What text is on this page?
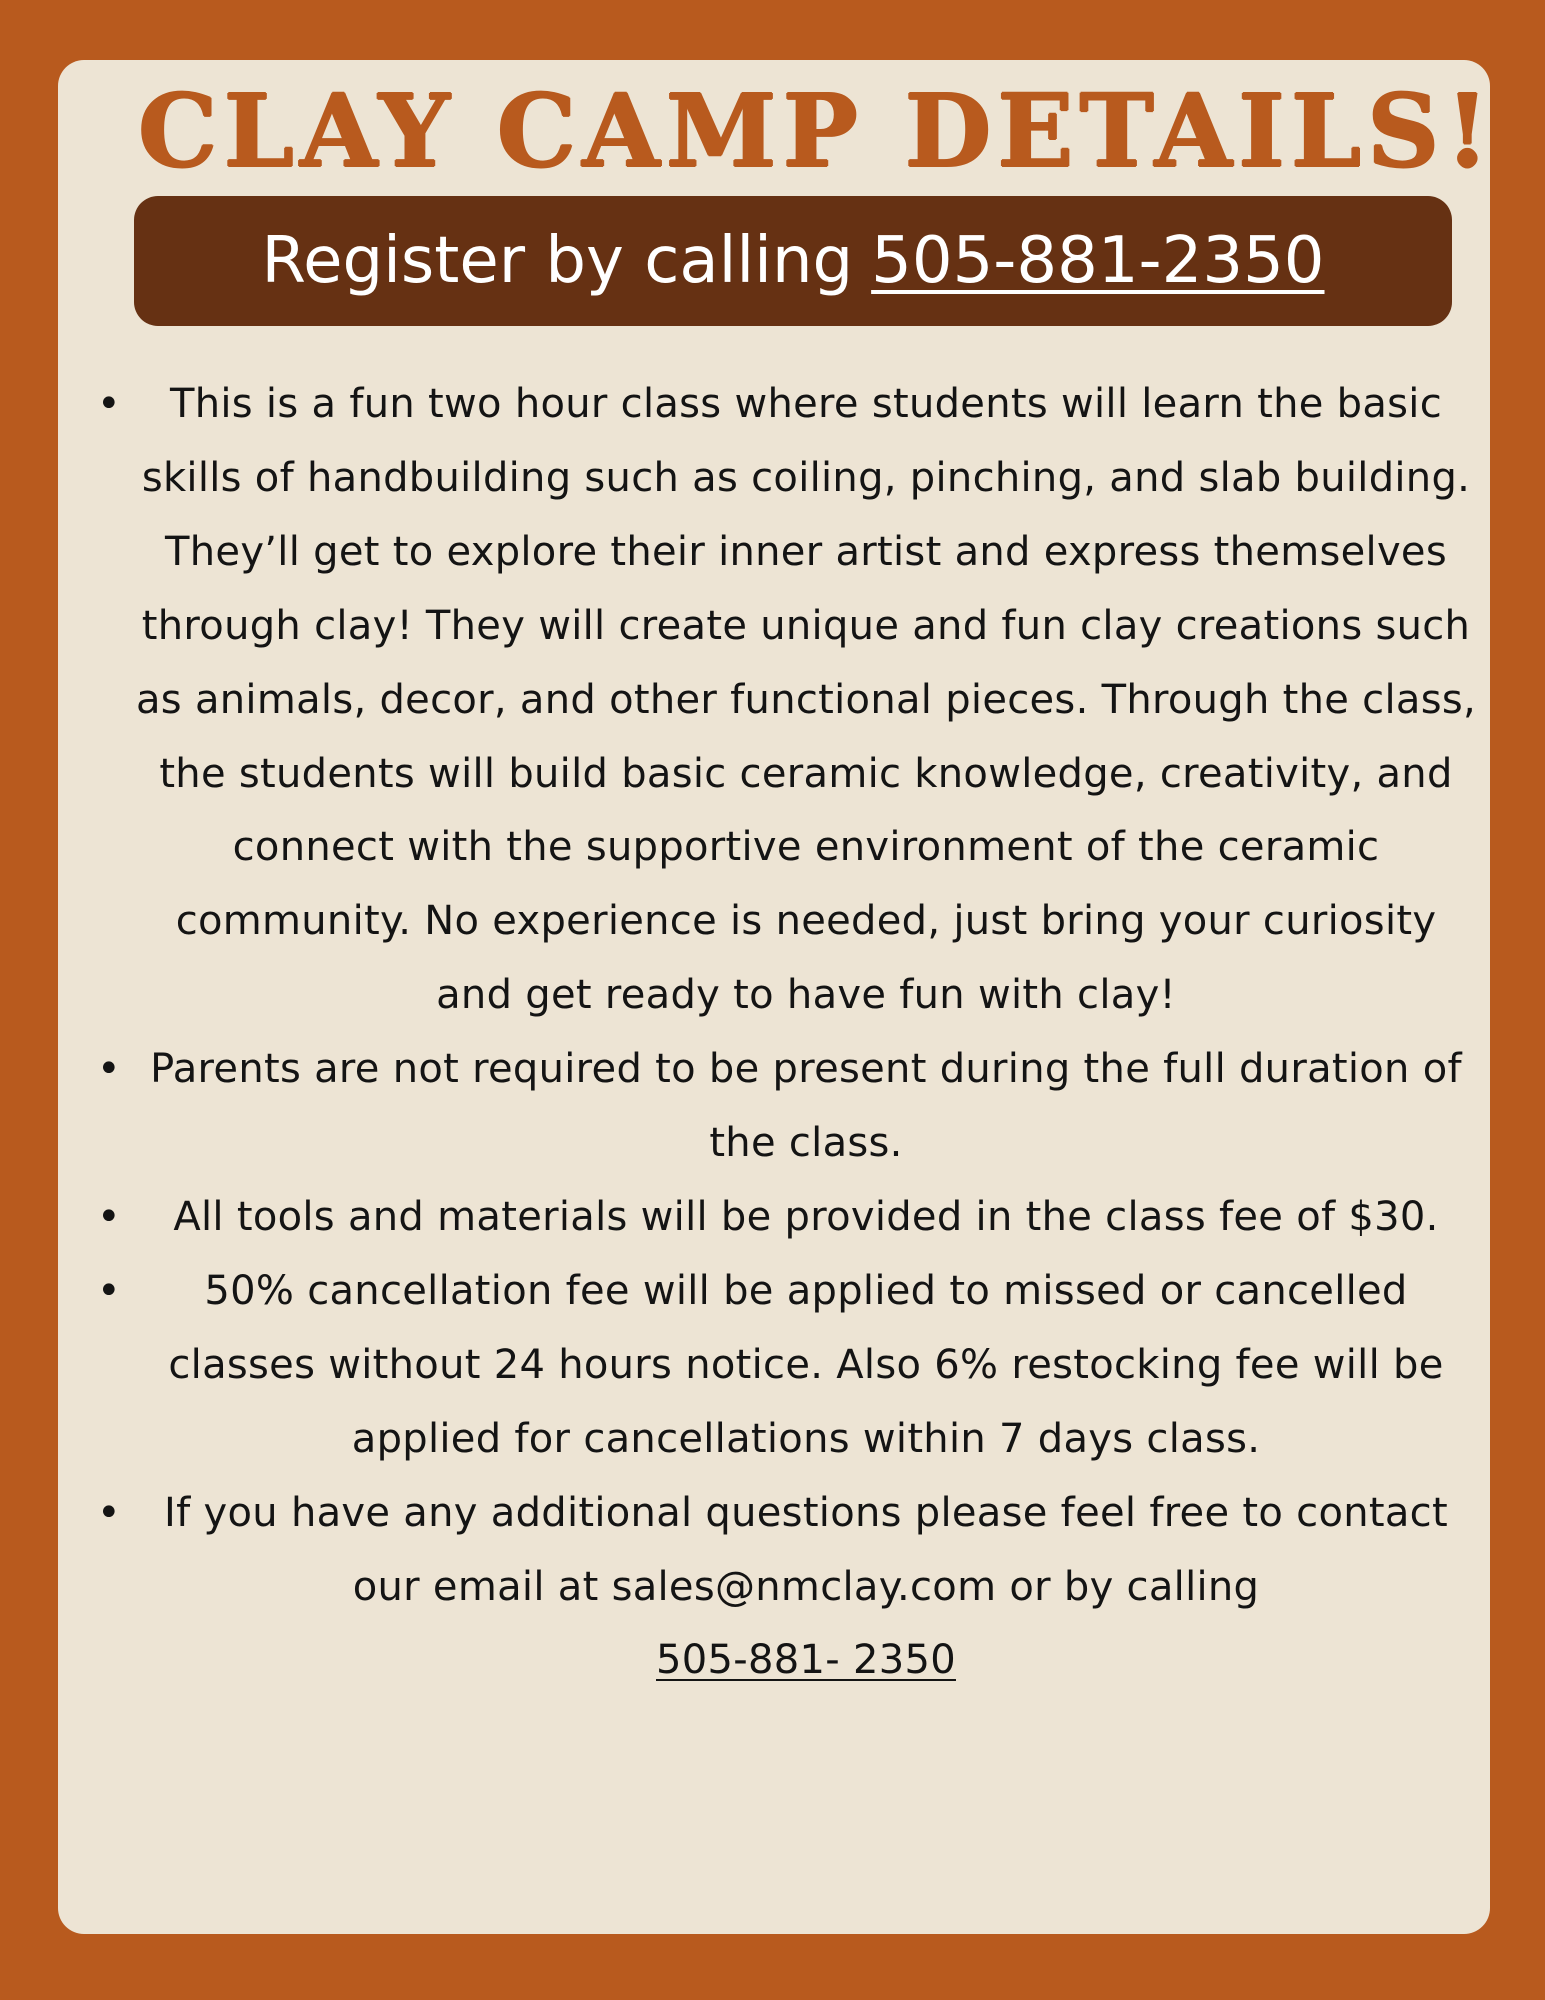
CLAY CAMP DETAILS!
Register by calling 505-881-2350
•	This is a fun two hour class where students will learn the basic skills of handbuilding such as coiling, pinching, and slab building. They’ll get to explore their inner artist and express themselves through clay! They will create unique and fun clay creations such as animals, decor, and other functional pieces. Through the class, the students will build basic ceramic knowledge, creativity, and connect with the supportive environment of the ceramic community. No experience is needed, just bring your curiosity and get ready to have fun with clay!
• Parents are not required to be present during the full duration of the class.
•	All tools and materials will be provided in the class fee of $30.
•	50% cancellation fee will be applied to missed or cancelled classes without 24 hours notice. Also 6% restocking fee will be applied for cancellations within 7 days class.
•	If you have any additional questions please feel free to contact our email at sales@nmclay.com or by calling
505-881- 2350
